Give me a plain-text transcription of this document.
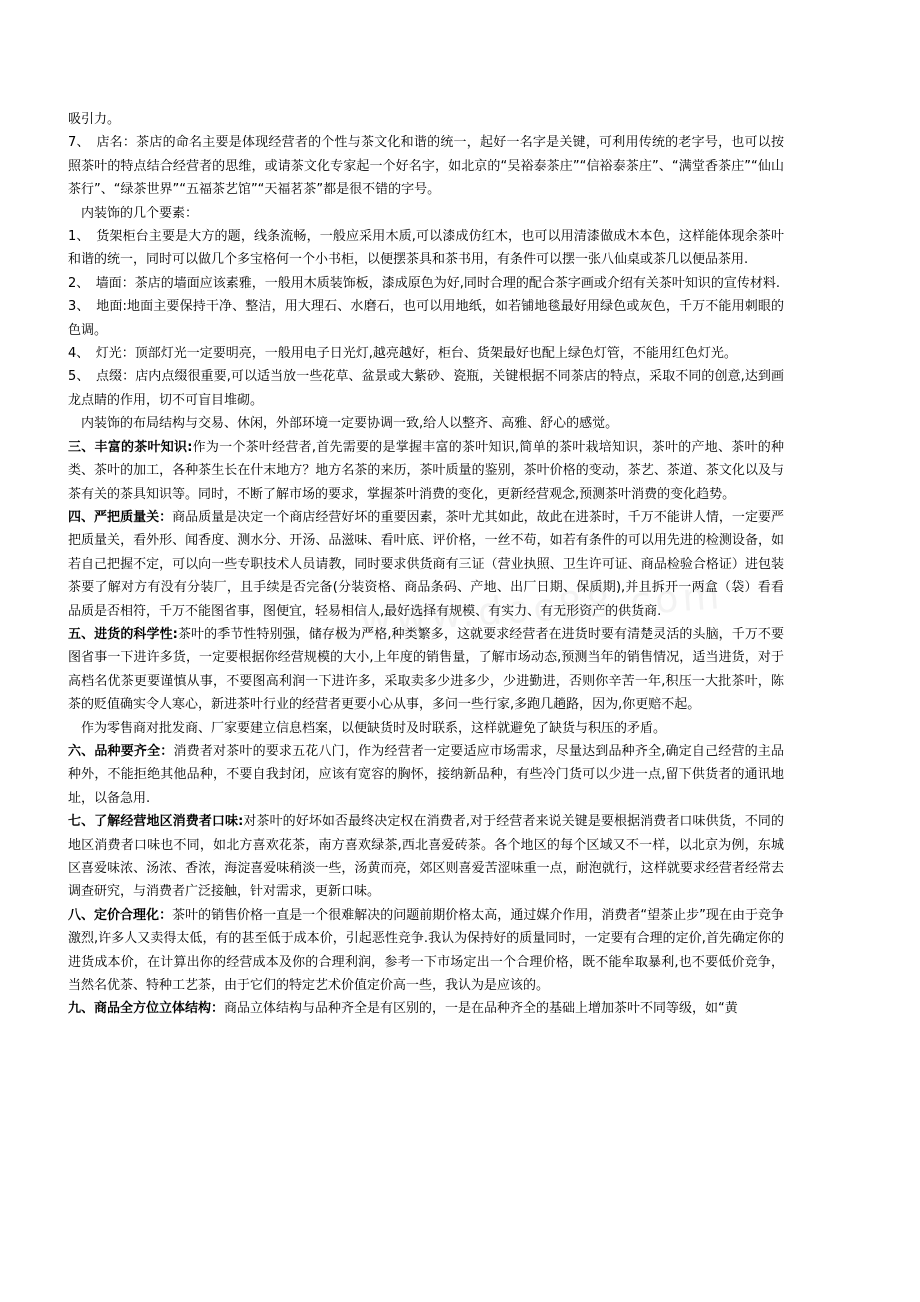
吸引力。

7、　店名：茶店的命名主要是体现经营者的个性与茶文化和谐的统一，起好一名字是关键，可利用传统的老字号，也可以按照茶叶的特点结合经营者的思维，或请茶文化专家起一个好名字，如北京的“吴裕泰茶庄”“信裕泰茶庄”、“满堂香茶庄”“仙山茶行”、“绿茶世界”“五福茶艺馆”“天福茗茶”都是很不错的字号。

内装饰的几个要素：

1、　货架柜台主要是大方的题，线条流畅，一般应采用木质,可以漆成仿红木，也可以用清漆做成木本色，这样能体现余茶叶和谐的统一，同时可以做几个多宝格何一个小书柜，以便摆茶具和茶书用，有条件可以摆一张八仙桌或茶几以便品茶用.

2、　墙面：茶店的墙面应该素雅，一般用木质装饰板，漆成原色为好,同时合理的配合茶字画或介绍有关茶叶知识的宣传材料.

3、　地面:地面主要保持干净、整洁，用大理石、水磨石，也可以用地纸，如若铺地毯最好用绿色或灰色，千万不能用刺眼的色调。

4、　灯光：顶部灯光一定要明亮，一般用电子日光灯,越亮越好，柜台、货架最好也配上绿色灯管，不能用红色灯光。

5、　点缀：店内点缀很重要,可以适当放一些花草、盆景或大紫砂、瓷瓶，关键根据不同茶店的特点，采取不同的创意,达到画龙点睛的作用，切不可盲目堆砌。

内装饰的布局结构与交易、休闲，外部环境一定要协调一致,给人以整齐、高雅、舒心的感觉。

三、丰富的茶叶知识:作为一个茶叶经营者,首先需要的是掌握丰富的茶叶知识,简单的茶叶栽培知识，茶叶的产地、茶叶的种类、茶叶的加工，各种茶生长在什末地方？地方名茶的来历，茶叶质量的鉴别，茶叶价格的变动，茶艺、茶道、茶文化以及与茶有关的茶具知识等。同时，不断了解市场的要求，掌握茶叶消费的变化，更新经营观念,预测茶叶消费的变化趋势。

四、严把质量关：商品质量是决定一个商店经营好坏的重要因素，茶叶尤其如此，故此在进茶时，千万不能讲人情，一定要严把质量关，看外形、闻香度、测水分、开汤、品滋味、看叶底、评价格，一丝不苟，如若有条件的可以用先进的检测设备，如若自己把握不定，可以向一些专职技术人员请教，同时要求供货商有三证（营业执照、卫生许可证、商品检验合格证）进包装茶要了解对方有没有分装厂，且手续是否完备(分装资格、商品条码、产地、出厂日期、保质期),并且拆开一两盒（袋）看看品质是否相符，千万不能图省事，图便宜，轻易相信人,最好选择有规模、有实力、有无形资产的供货商.

五、进货的科学性:茶叶的季节性特别强，储存极为严格,种类繁多，这就要求经营者在进货时要有清楚灵活的头脑，千万不要图省事一下进许多货，一定要根据你经营规模的大小,上年度的销售量，了解市场动态,预测当年的销售情况，适当进货，对于高档名优茶更要谨慎从事，不要图高利润一下进许多，采取卖多少进多少，少进勤进，否则你辛苦一年,积压一大批茶叶，陈茶的贬值确实令人寒心，新进茶叶行业的经营者更要小心从事，多问一些行家,多跑几趟路，因为,你更赔不起。

作为零售商对批发商、厂家要建立信息档案，以便缺货时及时联系，这样就避免了缺货与积压的矛盾。

六、品种要齐全：消费者对茶叶的要求五花八门，作为经营者一定要适应市场需求，尽量达到品种齐全,确定自己经营的主品种外，不能拒绝其他品种，不要自我封闭，应该有宽容的胸怀，接纳新品种，有些冷门货可以少进一点,留下供货者的通讯地址，以备急用.

七、了解经营地区消费者口味:对茶叶的好坏如否最终决定权在消费者,对于经营者来说关键是要根据消费者口味供货，不同的地区消费者口味也不同，如北方喜欢花茶，南方喜欢绿茶,西北喜爱砖茶。各个地区的每个区域又不一样，以北京为例，东城区喜爱味浓、汤浓、香浓，海淀喜爱味稍淡一些，汤黄而亮，郊区则喜爱苦涩味重一点，耐泡就行，这样就要求经营者经常去调查研究，与消费者广泛接触，针对需求，更新口味。

八、定价合理化：茶叶的销售价格一直是一个很难解决的问题前期价格太高，通过媒介作用，消费者“望茶止步”现在由于竞争激烈,许多人又卖得太低，有的甚至低于成本价，引起恶性竞争.我认为保持好的质量同时，一定要有合理的定价,首先确定你的进货成本价，在计算出你的经营成本及你的合理利润，参考一下市场定出一个合理价格，既不能牟取暴利,也不要低价竞争，当然名优茶、特种工艺茶，由于它们的特定艺术价值定价高一些，我认为是应该的。

九、商品全方位立体结构：商品立体结构与品种齐全是有区别的，一是在品种齐全的基础上增加茶叶不同等级，如“黄
